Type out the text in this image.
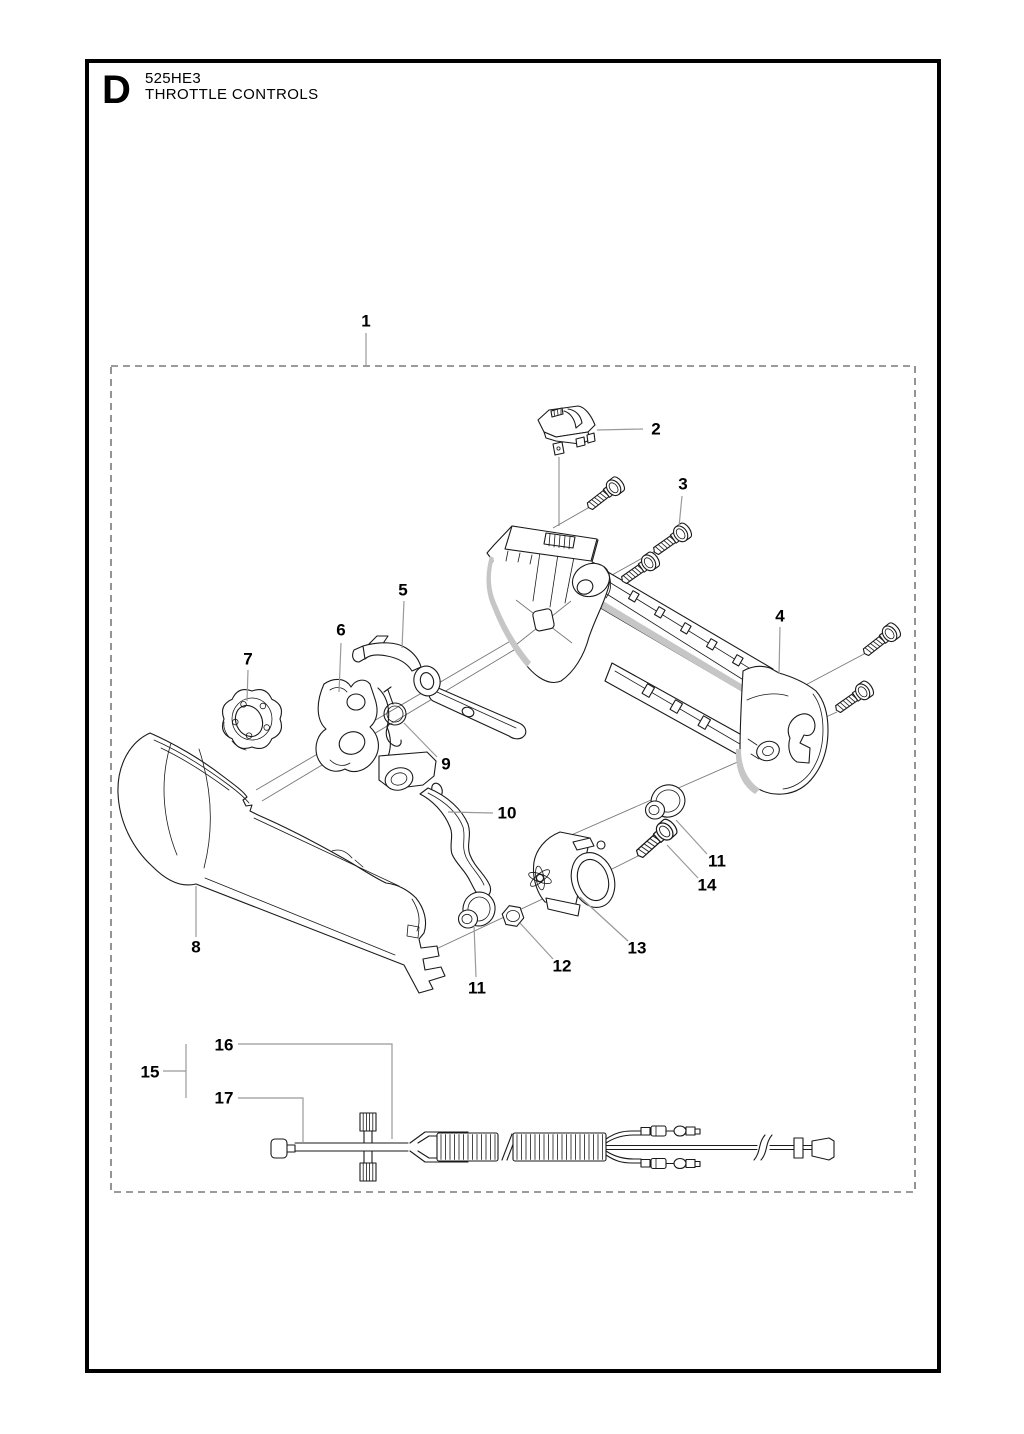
D 525HE3
THROTTLE CONTROLS
1
2
3
4
5
6
7
8
9
10
11
14
13
12
11
15
16
17
